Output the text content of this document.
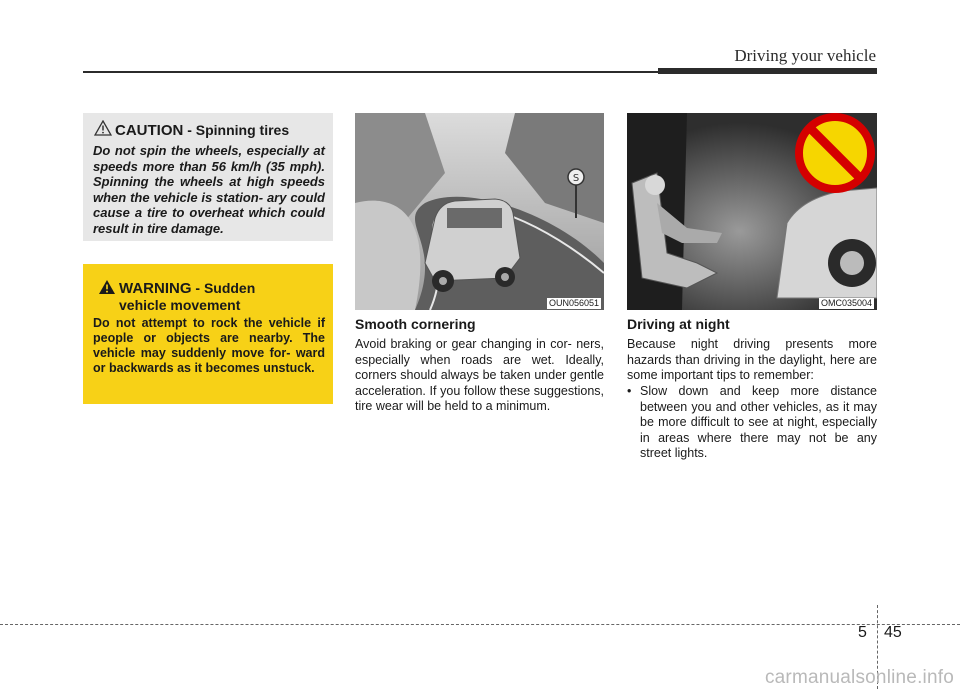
Driving your vehicle
CAUTION - Spinning tires
Do not spin the wheels, especially at speeds more than 56 km/h (35 mph). Spinning the wheels at high speeds when the vehicle is station- ary could cause a tire to overheat which could result in tire damage.
WARNING - Sudden
vehicle movement
Do not attempt to rock the vehicle if people or objects are nearby. The vehicle may suddenly move for- ward or backwards as it becomes unstuck.
S
OUN056051	OMC035004
Smooth cornering
Avoid braking or gear changing in cor- ners, especially when roads are wet. Ideally, corners should always be taken under gentle acceleration. If you follow these suggestions, tire wear will be held to a minimum.
Driving at night
Because night driving presents more hazards than driving in the daylight, here are some important tips to remember:
• Slow down and keep more distance between you and other vehicles, as it may be more difficult to see at night, especially in areas where there may not be any street lights.
5 45
carmanualsonline.info
